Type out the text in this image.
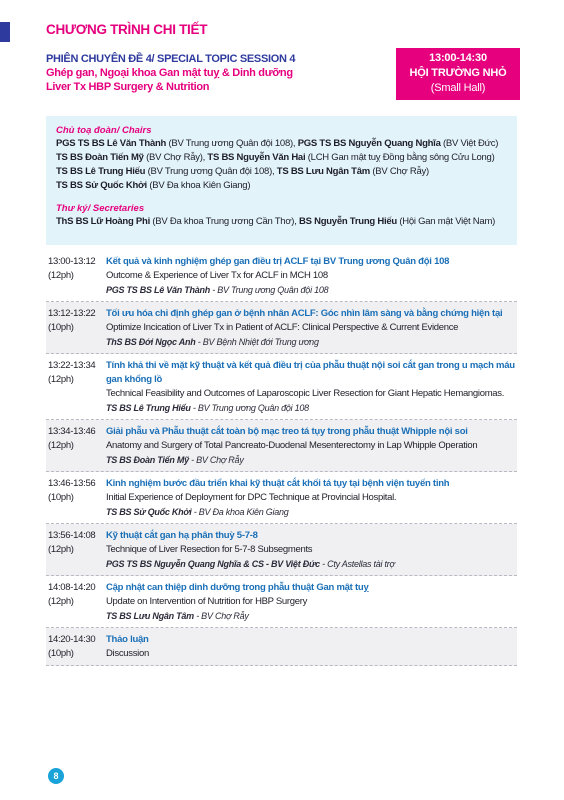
CHƯƠNG TRÌNH CHI TIẾT
PHIÊN CHUYÊN ĐỀ 4/ SPECIAL TOPIC SESSION 4
Ghép gan, Ngoại khoa Gan mật tuỵ & Dinh dưỡng
Liver Tx HBP Surgery & Nutrition
13:00-14:30
HỘI TRƯỜNG NHỎ
(Small Hall)
Chủ toạ đoàn/ Chairs
PGS TS BS Lê Văn Thành (BV Trung ương Quân đội 108), PGS TS BS Nguyễn Quang Nghĩa (BV Việt Đức)
TS BS Đoàn Tiến Mỹ (BV Chợ Rẫy), TS BS Nguyễn Văn Hai (LCH Gan mật tuỵ Đồng bằng sông Cửu Long)
TS BS Lê Trung Hiếu (BV Trung ương Quân đội 108), TS BS Lưu Ngân Tâm (BV Chợ Rẫy)
TS BS Sử Quốc Khởi (BV Đa khoa Kiên Giang)
Thư ký/ Secretaries
ThS BS Lữ Hoàng Phi (BV Đa khoa Trung ương Cần Thơ), BS Nguyễn Trung Hiếu (Hội Gan mật Việt Nam)
13:00-13:12
(12ph)
Kết quả và kinh nghiệm ghép gan điều trị ACLF tại BV Trung ương Quân đội 108
Outcome & Experience of Liver Tx for ACLF in MCH 108
PGS TS BS Lê Văn Thành - BV Trung ương Quân đội 108
13:12-13:22
(10ph)
Tối ưu hóa chỉ định ghép gan ở bệnh nhân ACLF: Góc nhìn lâm sàng và bằng chứng hiện tại
Optimize Incication of Liver Tx in Patient of ACLF: Clinical Perspective & Current Evidence
ThS BS Đới Ngọc Anh - BV Bệnh Nhiệt đới Trung ương
13:22-13:34
(12ph)
Tính khả thi về mặt kỹ thuật và kết quả điều trị của phẫu thuật nội soi cắt gan trong u mạch máu gan khổng lồ
Technical Feasibility and Outcomes of Laparoscopic Liver Resection for Giant Hepatic Hemangiomas.
TS BS Lê Trung Hiếu - BV Trung ương Quân đội 108
13:34-13:46
(12ph)
Giải phẫu và Phẫu thuật cắt toàn bộ mạc treo tá tụy trong phẫu thuật Whipple nội soi
Anatomy and Surgery of Total Pancreato-Duodenal Mesenterectomy in Lap Whipple Operation
TS BS Đoàn Tiến Mỹ - BV Chợ Rẫy
13:46-13:56
(10ph)
Kinh nghiệm bước đầu triển khai kỹ thuật cắt khối tá tụy tại bệnh viện tuyến tỉnh
Initial Experience of Deployment for DPC Technique at Provincial Hospital.
TS BS Sử Quốc Khởi - BV Đa khoa Kiên Giang
13:56-14:08
(12ph)
Kỹ thuật cắt gan hạ phân thuỳ 5-7-8
Technique of Liver Resection for 5-7-8 Subsegments
PGS TS BS Nguyễn Quang Nghĩa & CS - BV Việt Đức - Cty Astellas tài trợ
14:08-14:20
(12ph)
Cập nhật can thiệp dinh dưỡng trong phẫu thuật Gan mật tuỵ
Update on Intervention of Nutrition for HBP Surgery
TS BS Lưu Ngân Tâm - BV Chợ Rẫy
14:20-14:30
(10ph)
Thảo luận
Discussion
8
